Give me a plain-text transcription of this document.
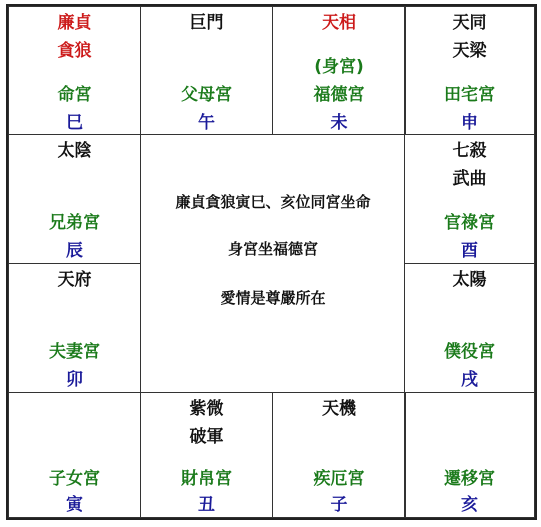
廉貞
貪狼
命宮
巳
巨門
父母宮
午
天相
(身宮)
福德宮
未
天同
天梁
田宅宮
申
太陰
兄弟宮
辰
天府
夫妻宮
卯
七殺
武曲
官祿宮
酉
太陽
僕役宮
戌
廉貞貪狼寅巳、亥位同宮坐命
身宮坐福德宮
愛情是尊嚴所在
子女宮
寅
紫微
破軍
財帛宮
丑
天機
疾厄宮
子
遷移宮
亥
